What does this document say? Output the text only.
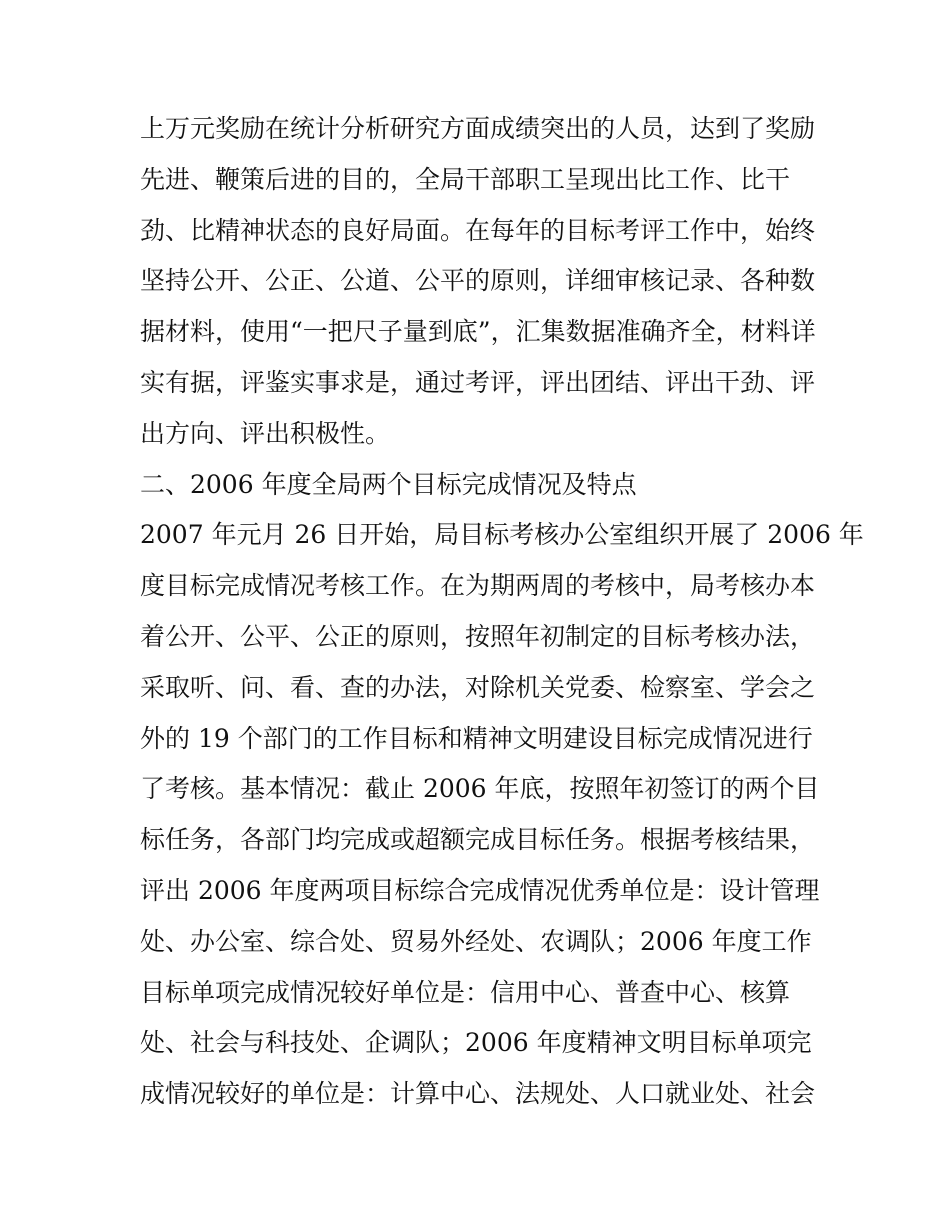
上万元奖励在统计分析研究方面成绩突出的人员，达到了奖励
先进、鞭策后进的目的，全局干部职工呈现出比工作、比干
劲、比精神状态的良好局面。在每年的目标考评工作中，始终
坚持公开、公正、公道、公平的原则，详细审核记录、各种数
据材料，使用“一把尺子量到底”，汇集数据准确齐全，材料详
实有据，评鉴实事求是，通过考评，评出团结、评出干劲、评
出方向、评出积极性。
二、2006 年度全局两个目标完成情况及特点
2007 年元月 26 日开始，局目标考核办公室组织开展了 2006 年
度目标完成情况考核工作。在为期两周的考核中，局考核办本
着公开、公平、公正的原则，按照年初制定的目标考核办法，
采取听、问、看、查的办法，对除机关党委、检察室、学会之
外的 19 个部门的工作目标和精神文明建设目标完成情况进行
了考核。基本情况：截止 2006 年底，按照年初签订的两个目
标任务，各部门均完成或超额完成目标任务。根据考核结果，
评出 2006 年度两项目标综合完成情况优秀单位是：设计管理
处、办公室、综合处、贸易外经处、农调队；2006 年度工作
目标单项完成情况较好单位是：信用中心、普查中心、核算
处、社会与科技处、企调队；2006 年度精神文明目标单项完
成情况较好的单位是：计算中心、法规处、人口就业处、社会
